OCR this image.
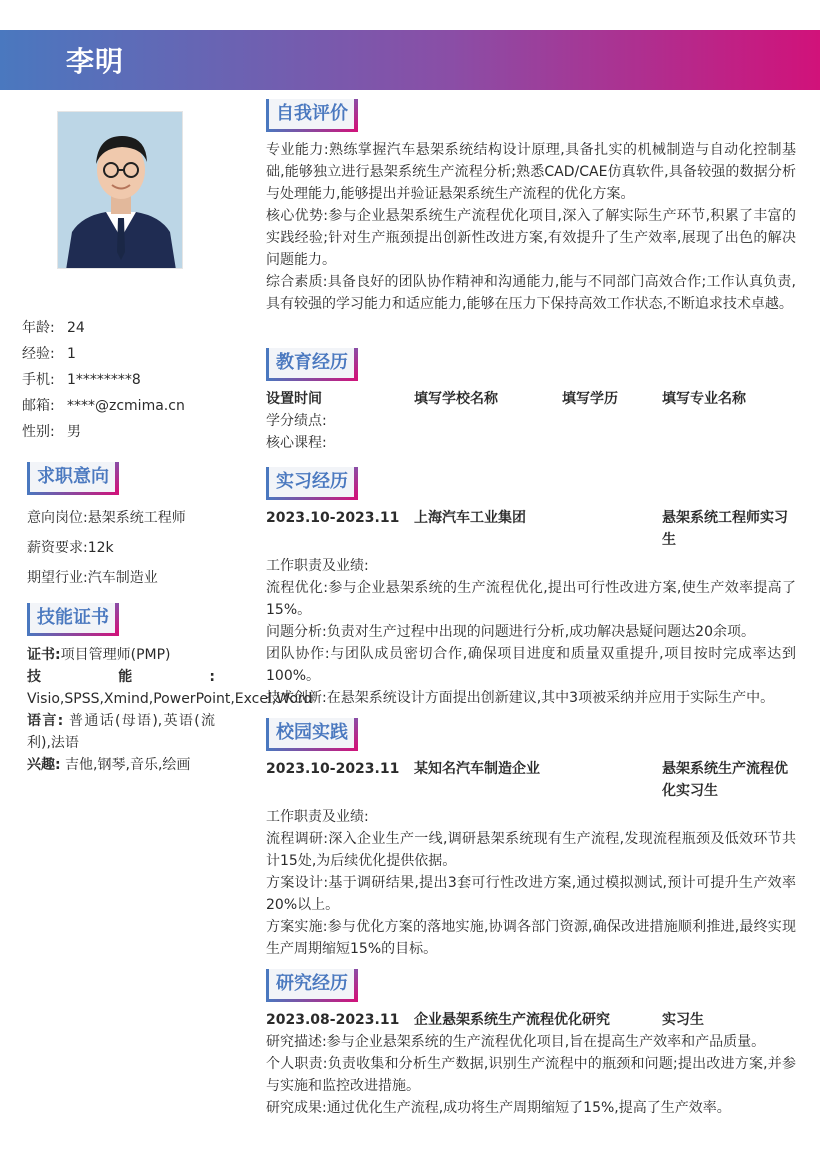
李明
年龄: 24
经验: 1
手机: 1********8
邮箱: ****@zcmima.cn
性别: 男
求职意向
意向岗位:悬架系统工程师
薪资要求:12k
期望行业:汽车制造业
技能证书

证书:项目管理师(PMP)

技能: Visio,SPSS,Xmind,PowerPoint,Excel,Word

语言: 普通话(母语),英语(流利),法语

兴趣: 吉他,钢琴,音乐,绘画

自我评价

专业能力:熟练掌握汽车悬架系统结构设计原理,具备扎实的机械制造与自动化控制基础,能够独立进行悬架系统生产流程分析;熟悉CAD/CAE仿真软件,具备较强的数据分析与处理能力,能够提出并验证悬架系统生产流程的优化方案。

核心优势:参与企业悬架系统生产流程优化项目,深入了解实际生产环节,积累了丰富的实践经验;针对生产瓶颈提出创新性改进方案,有效提升了生产效率,展现了出色的解决问题能力。

综合素质:具备良好的团队协作精神和沟通能力,能与不同部门高效合作;工作认真负责,具有较强的学习能力和适应能力,能够在压力下保持高效工作状态,不断追求技术卓越。

教育经历
设置时间	填写学校名称	填写学历	填写专业名称

学分绩点:

核心课程:

实习经历
2023.10-2023.11 上海汽车工业集团	悬架系统工程师实习生

工作职责及业绩:

流程优化:参与企业悬架系统的生产流程优化,提出可行性改进方案,使生产效率提高了15%。

问题分析:负责对生产过程中出现的问题进行分析,成功解决悬疑问题达20余项。

团队协作:与团队成员密切合作,确保项目进度和质量双重提升,项目按时完成率达到100%。

技术创新:在悬架系统设计方面提出创新建议,其中3项被采纳并应用于实际生产中。

校园实践
2023.10-2023.11 某知名汽车制造企业	悬架系统生产流程优化实习生

工作职责及业绩:

流程调研:深入企业生产一线,调研悬架系统现有生产流程,发现流程瓶颈及低效环节共计15处,为后续优化提供依据。

方案设计:基于调研结果,提出3套可行性改进方案,通过模拟测试,预计可提升生产效率20%以上。

方案实施:参与优化方案的落地实施,协调各部门资源,确保改进措施顺利推进,最终实现生产周期缩短15%的目标。

研究经历
2023.08-2023.11 企业悬架系统生产流程优化研究	实习生

研究描述:参与企业悬架系统的生产流程优化项目,旨在提高生产效率和产品质量。

个人职责:负责收集和分析生产数据,识别生产流程中的瓶颈和问题;提出改进方案,并参与实施和监控改进措施。

研究成果:通过优化生产流程,成功将生产周期缩短了15%,提高了生产效率。
